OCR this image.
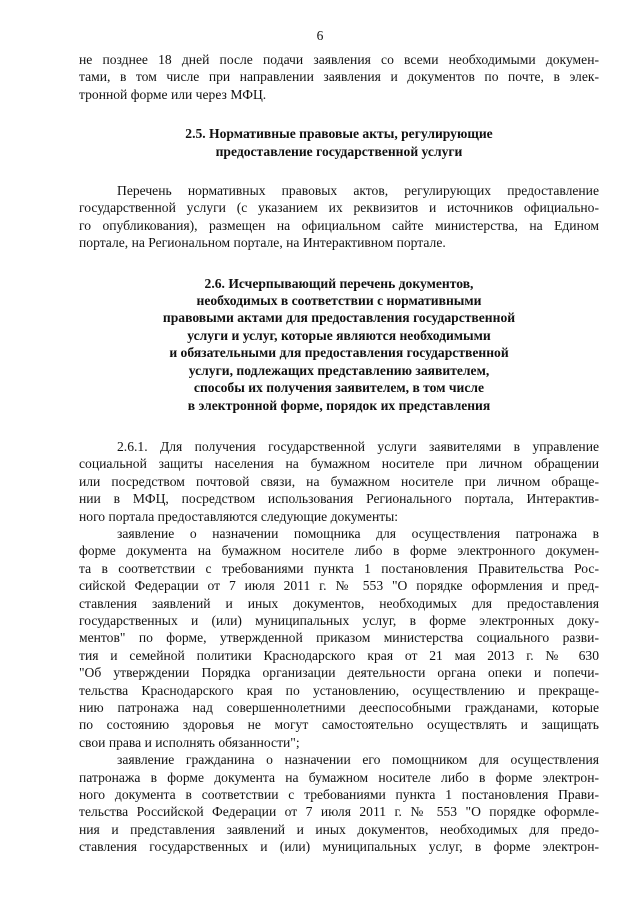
6
не позднее 18 дней после подачи заявления со всеми необходимыми докумен-
тами, в том числе при направлении заявления и документов по почте, в элек-
тронной форме или через МФЦ.
2.5. Нормативные правовые акты, регулирующие
предоставление государственной услуги
Перечень нормативных правовых актов, регулирующих предоставление
государственной услуги (с указанием их реквизитов и источников официально-
го опубликования), размещен на официальном сайте министерства, на Едином
портале, на Региональном портале, на Интерактивном портале.
2.6. Исчерпывающий перечень документов,
необходимых в соответствии с нормативными
правовыми актами для предоставления государственной
услуги и услуг, которые являются необходимыми
и обязательными для предоставления государственной
услуги, подлежащих представлению заявителем,
способы их получения заявителем, в том числе
в электронной форме, порядок их представления
2.6.1. Для получения государственной услуги заявителями в управление
социальной защиты населения на бумажном носителе при личном обращении
или посредством почтовой связи, на бумажном носителе при личном обраще-
нии в МФЦ, посредством использования Регионального портала, Интерактив-
ного портала предоставляются следующие документы:
заявление о назначении помощника для осуществления патронажа в
форме документа на бумажном носителе либо в форме электронного докумен-
та в соответствии с требованиями пункта 1 постановления Правительства Рос-
сийской Федерации от 7 июля 2011 г. № 553 "О порядке оформления и пред-
ставления заявлений и иных документов, необходимых для предоставления
государственных и (или) муниципальных услуг, в форме электронных доку-
ментов" по форме, утвержденной приказом министерства социального разви-
тия и семейной политики Краснодарского края от 21 мая 2013 г. № 630
"Об утверждении Порядка организации деятельности органа опеки и попечи-
тельства Краснодарского края по установлению, осуществлению и прекраще-
нию патронажа над совершеннолетними дееспособными гражданами, которые
по состоянию здоровья не могут самостоятельно осуществлять и защищать
свои права и исполнять обязанности";
заявление гражданина о назначении его помощником для осуществления
патронажа в форме документа на бумажном носителе либо в форме электрон-
ного документа в соответствии с требованиями пункта 1 постановления Прави-
тельства Российской Федерации от 7 июля 2011 г. № 553 "О порядке оформле-
ния и представления заявлений и иных документов, необходимых для предо-
ставления государственных и (или) муниципальных услуг, в форме электрон-
